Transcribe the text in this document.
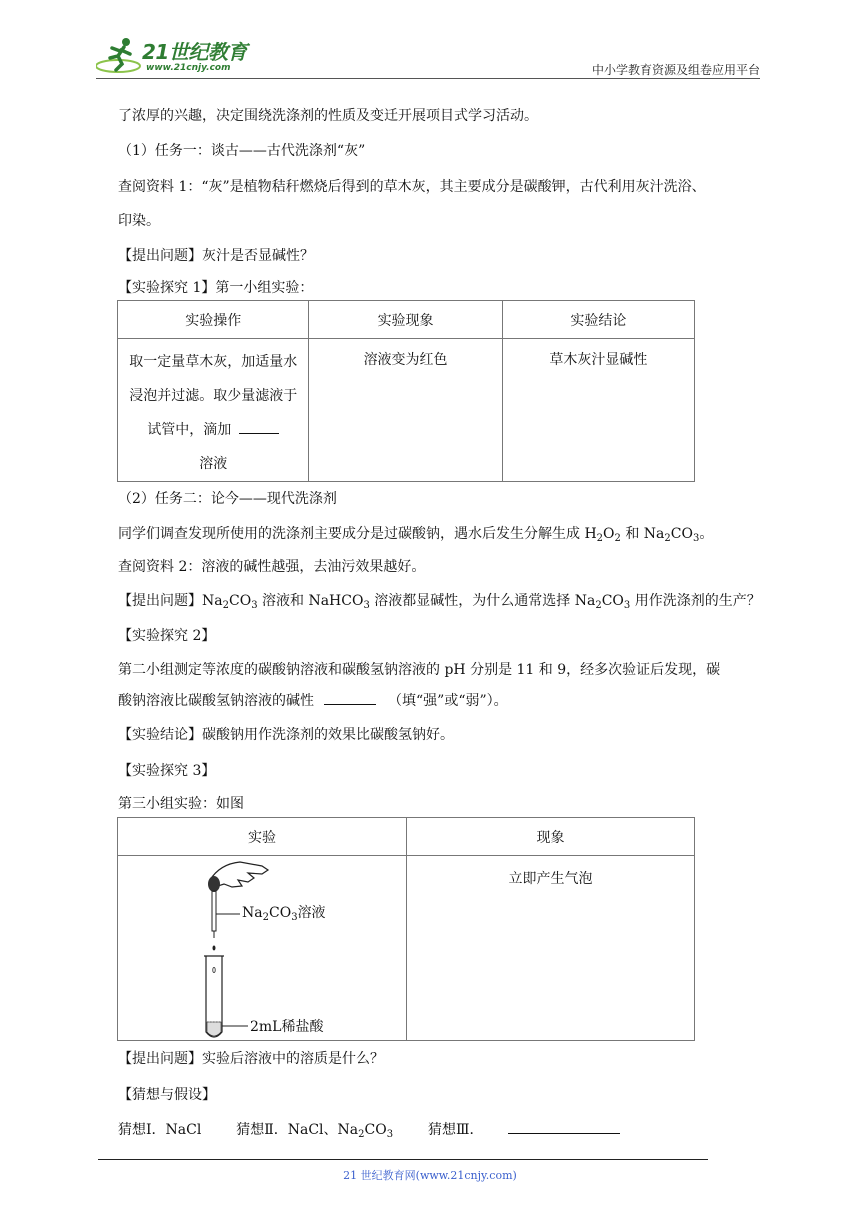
21世纪教育
www.21cnjy.com	中小学教育资源及组卷应用平台
了浓厚的兴趣，决定围绕洗涤剂的性质及变迁开展项目式学习活动。
（1）任务一：谈古——古代洗涤剂“灰”
查阅资料 1：“灰”是植物秸秆燃烧后得到的草木灰，其主要成分是碳酸钾，古代利用灰汁洗浴、
印染。
【提出问题】灰汁是否显碱性？
【实验探究 1】第一小组实验：
实验操作	实验现象	实验结论

取一定量草木灰，加适量水
浸泡并过滤。取少量滤液于
试管中，滴加
溶液	溶液变为红色	草木灰汁显碱性
（2）任务二：论今——现代洗涤剂
同学们调查发现所使用的洗涤剂主要成分是过碳酸钠，遇水后发生分解生成 $H_2O_2$ 和 $Na_2CO_3$。
查阅资料 2：溶液的碱性越强，去油污效果越好。
【提出问题】$Na_2CO_3$ 溶液和 NaHCO$_3$ 溶液都显碱性，为什么通常选择 $Na_2CO_3$ 用作洗涤剂的生产？
【实验探究 2】
第二小组测定等浓度的碳酸钠溶液和碳酸氢钠溶液的 pH 分别是 11 和 9，经多次验证后发现，碳
酸钠溶液比碳酸氢钠溶液的碱性	（填“强”或“弱”）。
【实验结论】碳酸钠用作洗涤剂的效果比碳酸氢钠好。
【实验探究 3】
第三小组实验：如图
实验	现象

$Na_2CO_3$溶液
2mL稀盐酸	立即产生气泡
【提出问题】实验后溶液中的溶质是什么？
【猜想与假设】
猜想Ⅰ．NaCl 猜想Ⅱ．NaCl、$Na_2CO_3$ 猜想Ⅲ．
21 世纪教育网(www.21cnjy.com)
